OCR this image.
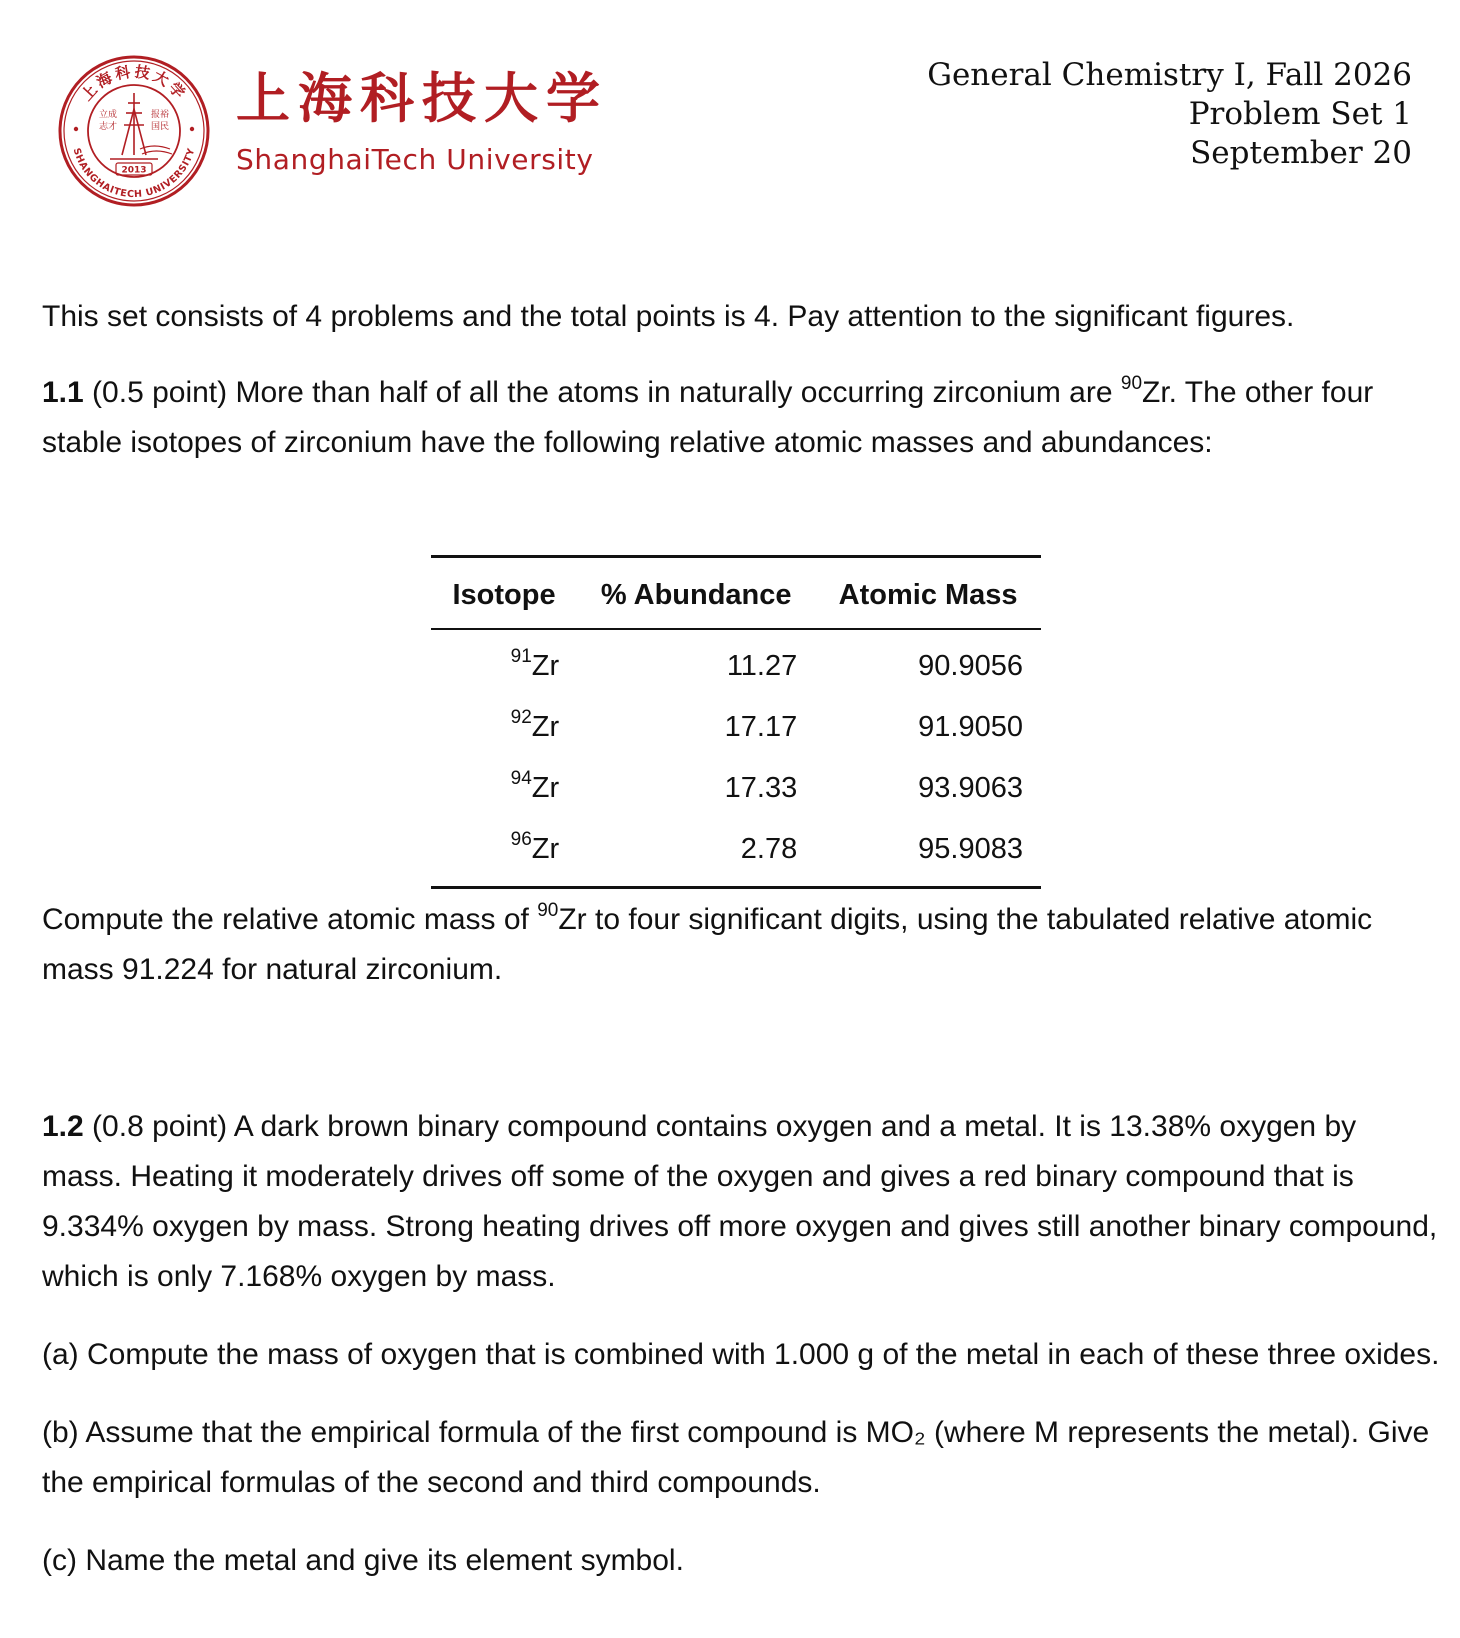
上海科技大学
SHANGHAITECH UNIVERSITY
立成
志才
报裕
国民
2013
上海科技大学
ShanghaiTech University
General Chemistry I, Fall 2026
Problem Set 1
September 20

This set consists of 4 problems and the total points is 4. Pay attention to the significant figures.

1.1 (0.5 point) More than half of all the atoms in naturally occurring zirconium are $^{90}$Zr. The other four stable isotopes of zirconium have the following relative atomic masses and abundances:

Isotope	% Abundance	Atomic Mass
$^{91}$Zr	11.27	90.9056
$^{92}$Zr	17.17	91.9050
$^{94}$Zr	17.33	93.9063
$^{96}$Zr	2.78	95.9083

Compute the relative atomic mass of $^{90}$Zr to four significant digits, using the tabulated relative atomic mass 91.224 for natural zirconium.

1.2 (0.8 point) A dark brown binary compound contains oxygen and a metal. It is 13.38% oxygen by mass. Heating it moderately drives off some of the oxygen and gives a red binary compound that is 9.334% oxygen by mass. Strong heating drives off more oxygen and gives still another binary compound, which is only 7.168% oxygen by mass.

(a) Compute the mass of oxygen that is combined with 1.000 g of the metal in each of these three oxides.

(b) Assume that the empirical formula of the first compound is MO₂ (where M represents the metal). Give the empirical formulas of the second and third compounds.

(c) Name the metal and give its element symbol.
